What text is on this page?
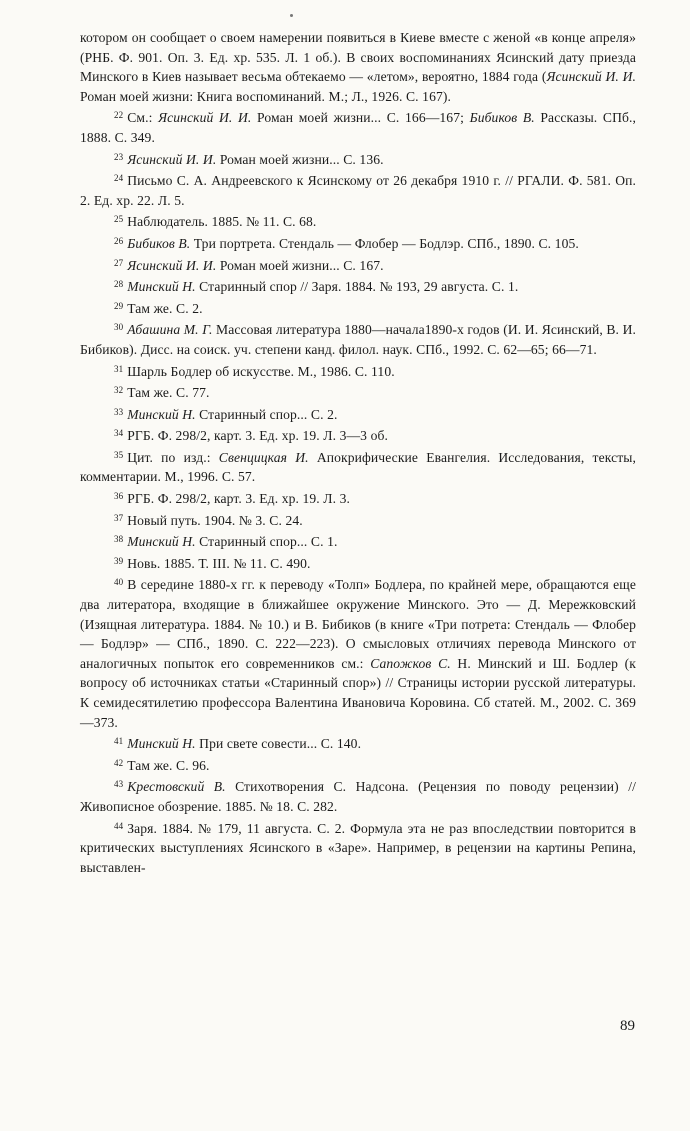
котором он сообщает о своем намерении появиться в Киеве вместе с женой «в конце апреля» (РНБ. Ф. 901. Оп. 3. Ед. хр. 535. Л. 1 об.). В своих воспоминаниях Ясинский дату приезда Минского в Киев называет весьма обтекаемо — «летом», вероятно, 1884 года (Ясинский И. И. Роман моей жизни: Книга воспоминаний. М.; Л., 1926. С. 167).

$^{22}$ См.: Ясинский И. И. Роман моей жизни... С. 166—167; Бибиков В. Рассказы. СПб., 1888. С. 349.

$^{23}$ Ясинский И. И. Роман моей жизни... С. 136.

$^{24}$ Письмо С. А. Андреевского к Ясинскому от 26 декабря 1910 г. // РГАЛИ. Ф. 581. Оп. 2. Ед. хр. 22. Л. 5.

$^{25}$ Наблюдатель. 1885. № 11. С. 68.

$^{26}$ Бибиков В. Три портрета. Стендаль — Флобер — Бодлэр. СПб., 1890. С. 105.

$^{27}$ Ясинский И. И. Роман моей жизни... С. 167.

$^{28}$ Минский Н. Старинный спор // Заря. 1884. № 193, 29 августа. С. 1.

$^{29}$ Там же. С. 2.

$^{30}$ Абашина М. Г. Массовая литература 1880—начала1890-х годов (И. И. Ясинский, В. И. Бибиков). Дисс. на соиск. уч. степени канд. филол. наук. СПб., 1992. С. 62—65; 66—71.

$^{31}$ Шарль Бодлер об искусстве. М., 1986. С. 110.

$^{32}$ Там же. С. 77.

$^{33}$ Минский Н. Старинный спор... С. 2.

$^{34}$ РГБ. Ф. 298/2, карт. 3. Ед. хр. 19. Л. 3—3 об.

$^{35}$ Цит. по изд.: Свенцицкая И. Апокрифические Евангелия. Исследования, тексты, комментарии. М., 1996. С. 57.

$^{36}$ РГБ. Ф. 298/2, карт. 3. Ед. хр. 19. Л. 3.

$^{37}$ Новый путь. 1904. № 3. С. 24.

$^{38}$ Минский Н. Старинный спор... С. 1.

$^{39}$ Новь. 1885. Т. III. № 11. С. 490.

$^{40}$ В середине 1880-х гг. к переводу «Толп» Бодлера, по крайней мере, обращаются еще два литератора, входящие в ближайшее окружение Минского. Это — Д. Мережковский (Изящная литература. 1884. № 10.) и В. Бибиков (в книге «Три потрета: Стендаль — Флобер — Бодлэр» — СПб., 1890. С. 222—223). О смысловых отличиях перевода Минского от аналогичных попыток его современников см.: Сапожков С. Н. Минский и Ш. Бодлер (к вопросу об источниках статьи «Старинный спор») // Страницы истории русской литературы. К семидесятилетию профессора Валентина Ивановича Коровина. Сб статей. М., 2002. С. 369—373.

$^{41}$ Минский Н. При свете совести... С. 140.

$^{42}$ Там же. С. 96.

$^{43}$ Крестовский В. Стихотворения С. Надсона. (Рецензия по поводу рецензии) // Живописное обозрение. 1885. № 18. С. 282.

$^{44}$ Заря. 1884. № 179, 11 августа. С. 2. Формула эта не раз впоследствии повторится в критических выступлениях Ясинского в «Заре». Например, в рецензии на картины Репина, выставлен-

89
